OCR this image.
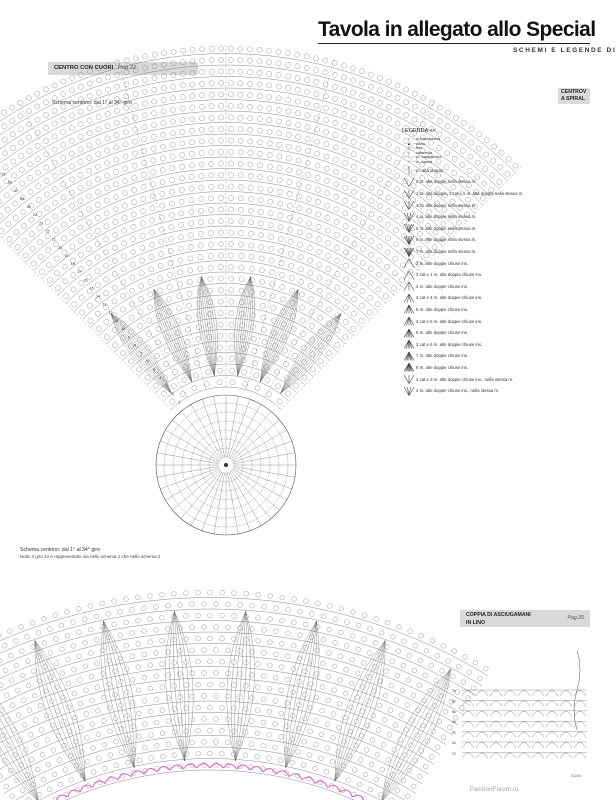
Tavola in allegato allo Special
SCHEMI E LEGENDE DI
CENTRO CON CUORI Pag.22
CENTROV
A SPIRAL
COPPIA DI ASCIUGAMANI
IN LINO
Pag.35
Schema centrino: dal 1° al 34° giro
Schema centrino: dal 1° al 34° giro
Nota: il giro 34 è rappresentato sia nello schema 1 che nello schema 2
29
28
27
26
25
24
23
22
21
20
19
18
17
16
15
14
13
12
11
10
9
8
7
6
5
4
3
2
1
7c
6c
5c
4c
3c
2c
1c
LEGENDA <<
•	m.bassissima
▲	inizio
△	fine
○	catenella
•	m. bassissima
+	m. bassa
m. alta doppia
2 m. alte doppie nella stessa m.
1 m. alta doppia, 3 cat e 1 m. alta doppia nella stessa m.
3 m. alte doppie nella stessa m.
4 m. alte doppie nella stessa m.
5 m. alte doppie nella stessa m.
6 m. alte doppie nella stessa m.
7 m. alte doppie nella stessa m.
2 m. alte doppie chiuse ins.
3 cat e 1 m. alta doppia chiuse ins.
3 m. alte doppie chiuse ins.
3 cat e 4 m. alte doppie chiuse ins.
5 m. alte doppie chiuse ins.
3 cat e 5 m. alte doppie chiuse ins.
6 m. alte doppie chiuse ins.
3 cat e 6 m. alte doppie chiuse ins.
7 m. alte doppie chiuse ins.
8 m. alte doppie chiuse ins.
3 cat e 3 m. alte doppie chiuse ins., nella stessa m.
4 m. alte doppie chiuse ins., nella stessa m.
S1104
PassionForum.ru
